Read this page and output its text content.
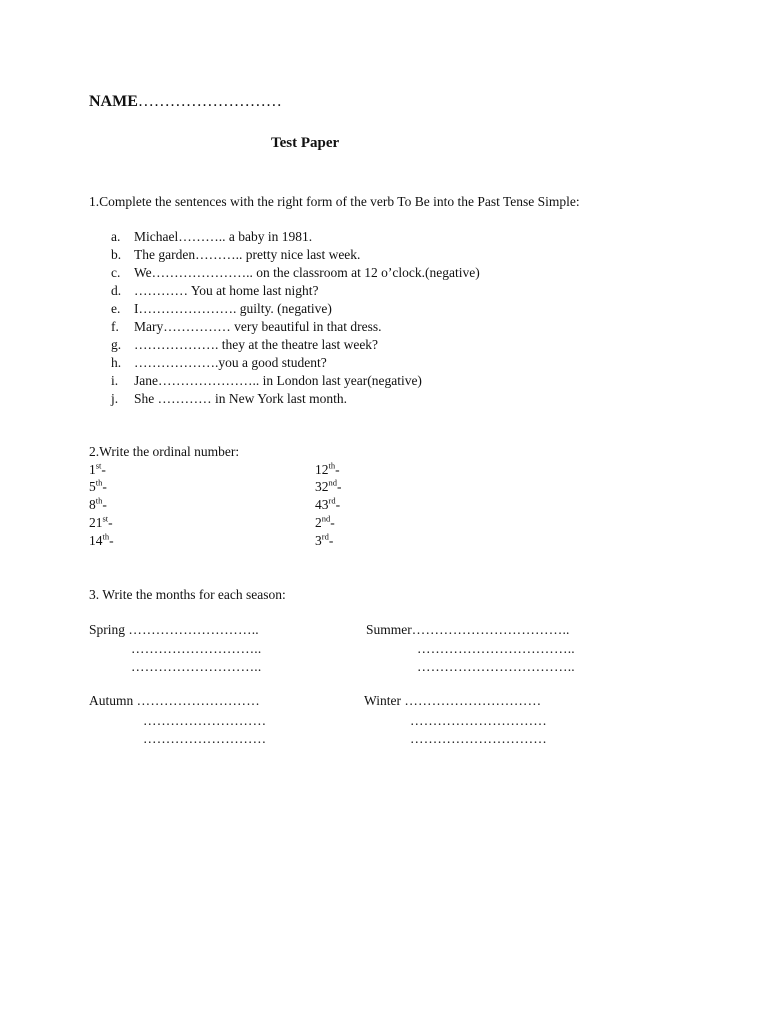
NAME………………………
Test Paper
1.Complete the sentences with the right form of the verb To Be into the Past Tense Simple:
a.	Michael……….. a baby in 1981.
b. The garden……….. pretty nice last week.
c.	We………………….. on the classroom at 12 o’clock.(negative)
d. ………… You at home last night?
e.	I…………………. guilty. (negative)
f.	Mary…………… very beautiful in that dress.
g. ………………. they at the theatre last week?
h. ……………….you a good student?
i.	Jane………………….. in London last year(negative)
j.	She ………… in New York last month.
2.Write the ordinal number:
1st-
5th-
8th-
21st-
14th-
12th-
32nd-
43rd-
2nd-
3rd-
3. Write the months for each season:
Spring ………………………..
………………………..
………………………..
Summer……………………………..
……………………………..
……………………………..
Autumn ………………………
………………………
………………………
Winter …………………………
…………………………
…………………………
